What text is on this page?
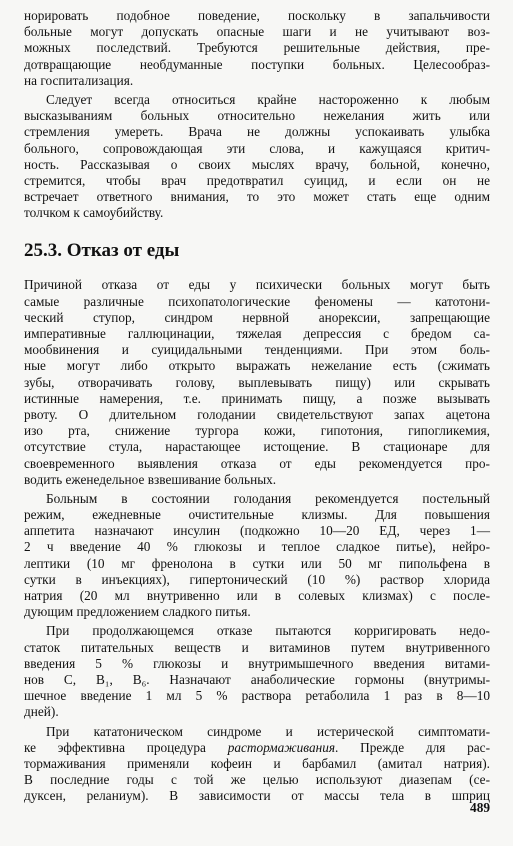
норировать подобное поведение, поскольку в запальчивости
больные могут допускать опасные шаги и не учитывают воз-
можных последствий. Требуются решительные действия, пре-
дотвращающие необдуманные поступки больных. Целесообраз-
на госпитализация.
Следует всегда относиться крайне настороженно к любым
высказываниям больных относительно нежелания жить или
стремления умереть. Врача не должны успокаивать улыбка
больного, сопровождающая эти слова, и кажущаяся критич-
ность. Рассказывая о своих мыслях врачу, больной, конечно,
стремится, чтобы врач предотвратил суицид, и если он не
встречает ответного внимания, то это может стать еще одним
толчком к самоубийству.
25.3. Отказ от еды
Причиной отказа от еды у психически больных могут быть
самые различные психопатологические феномены — катотони-
ческий ступор, синдром нервной анорексии, запрещающие
императивные галлюцинации, тяжелая депрессия с бредом са-
мообвинения и суицидальными тенденциями. При этом боль-
ные могут либо открыто выражать нежелание есть (сжимать
зубы, отворачивать голову, выплевывать пищу) или скрывать
истинные намерения, т.е. принимать пищу, а позже вызывать
рвоту. О длительном голодании свидетельствуют запах ацетона
изо рта, снижение тургора кожи, гипотония, гипогликемия,
отсутствие стула, нарастающее истощение. В стационаре для
своевременного выявления отказа от еды рекомендуется про-
водить еженедельное взвешивание больных.
Больным в состоянии голодания рекомендуется постельный
режим, ежедневные очистительные клизмы. Для повышения
аппетита назначают инсулин (подкожно 10—20 ЕД, через 1—
2 ч введение 40 % глюкозы и теплое сладкое питье), нейро-
лептики (10 мг френолона в сутки или 50 мг пипольфена в
сутки в инъекциях), гипертонический (10 %) раствор хлорида
натрия (20 мл внутривенно или в солевых клизмах) с после-
дующим предложением сладкого питья.
При продолжающемся отказе пытаются корригировать недо-
статок питательных веществ и витаминов путем внутривенного
введения 5 % глюкозы и внутримышечного введения витами-
нов С, В₁, В₆. Назначают анаболические гормоны (внутримы-
шечное введение 1 мл 5 % раствора ретаболила 1 раз в 8—10
дней).
При кататоническом синдроме и истерической симптомати-
ке эффективна процедура растормаживания. Прежде для рас-
тормаживания применяли кофеин и барбамил (амитал натрия).
В последние годы с той же целью используют диазепам (се-
дуксен, реланиум). В зависимости от массы тела в шприц
489
